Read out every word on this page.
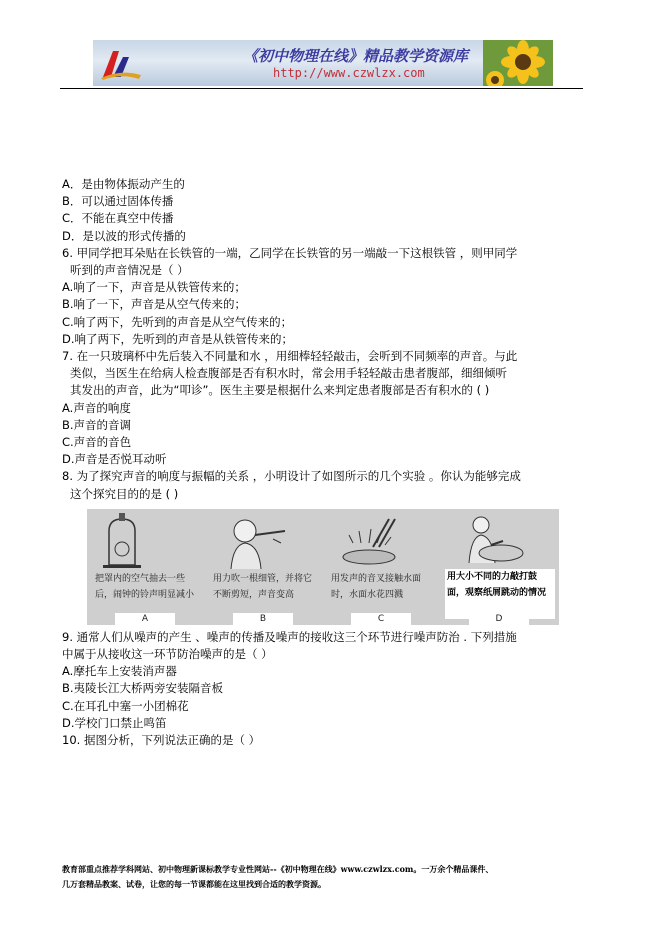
《初中物理在线》精品教学资源库
http://www.czwlzx.com
A．是由物体振动产生的
B．可以通过固体传播
C．不能在真空中传播
D．是以波的形式传播的
6. 甲同学把耳朵贴在长铁管的一端，乙同学在长铁管的另一端敲一下这根铁管 ，则甲同学
听到的声音情况是（ ）
A.响了一下，声音是从铁管传来的；
B.响了一下，声音是从空气传来的；
C.响了两下，先听到的声音是从空气传来的；
D.响了两下，先听到的声音是从铁管传来的；
7. 在一只玻璃杯中先后装入不同量和水 ，用细棒轻轻敲击，会听到不同频率的声音。与此
类似，当医生在给病人检查腹部是否有积水时，常会用手轻轻敲击患者腹部，细细倾听
其发出的声音，此为“叩诊”。医生主要是根据什么来判定患者腹部是否有积水的 ( )
A.声音的响度
B.声音的音调
C.声音的音色
D.声音是否悦耳动听
8. 为了探究声音的响度与振幅的关系 ，小明设计了如图所示的几个实验 。你认为能够完成
这个探究目的的是 ( )
把罩内的空气抽去一些后，闹钟的铃声明显减小
A
用力吹一根细管，并将它不断剪短，声音变高
B
用发声的音叉接触水面时，水面水花四溅
C
用大小不同的力敲打鼓面，观察纸屑跳动的情况
D
9. 通常人们从噪声的产生 、噪声的传播及噪声的接收这三个环节进行噪声防治 . 下列措施
中属于从接收这一环节防治噪声的是（ ）
A.摩托车上安装消声器
B.夷陵长江大桥两旁安装隔音板
C.在耳孔中塞一小团棉花
D.学校门口禁止鸣笛
10. 据图分析，下列说法正确的是（ ）
教育部重点推荐学科网站、初中物理新课标教学专业性网站--《初中物理在线》www.czwlzx.com。一万余个精品课件、
几万套精品教案、试卷，让您的每一节课都能在这里找到合适的教学资源。
